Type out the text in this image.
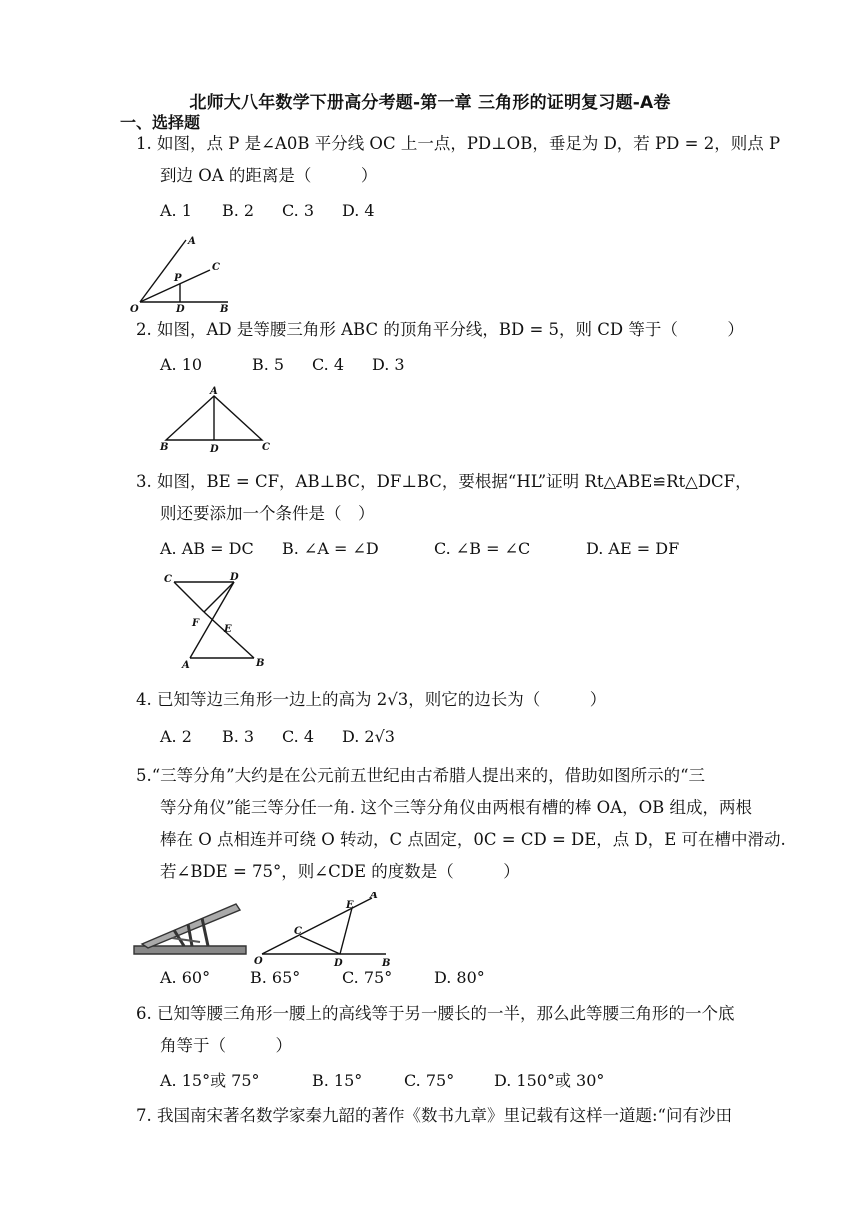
北师大八年数学下册高分考题-第一章 三角形的证明复习题-A卷
一、选择题
1. 如图，点 P 是∠A0B 平分线 OC 上一点，PD⊥OB，垂足为 D，若 PD = 2，则点 P
到边 OA 的距离是（　　　）
A. 1 B. 2 C. 3 D. 4
A
C
P
O	D	B
2. 如图，AD 是等腰三角形 ABC 的顶角平分线，BD = 5，则 CD 等于（　　　）
A. 10	B. 5 C. 4 D. 3
A
B	D	C
3. 如图，BE = CF，AB⊥BC，DF⊥BC，要根据“HL”证明 Rt△ABE≌Rt△DCF，
则还要添加一个条件是（　）
A. AB = DC B. ∠A = ∠D	C. ∠B = ∠C	D. AE = DF
C	D
F
E
A	B
4. 已知等边三角形一边上的高为 2√3，则它的边长为（　　　）
A. 2 B. 3 C. 4 D. 2√3
5.“三等分角”大约是在公元前五世纪由古希腊人提出来的，借助如图所示的“三
等分角仪”能三等分任一角. 这个三等分角仪由两根有槽的棒 OA，OB 组成，两根
棒在 O 点相连并可绕 O 转动，C 点固定，0C = CD = DE，点 D，E 可在槽中滑动.
若∠BDE = 75°，则∠CDE 的度数是（　　　）
E
A
C
O	D	B
A. 60° B. 65°	C. 75°	D. 80°
6. 已知等腰三角形一腰上的高线等于另一腰长的一半，那么此等腰三角形的一个底
角等于（　　　）
A. 15°或 75°	B. 15°	C. 75° D. 150°或 30°
7. 我国南宋著名数学家秦九韶的著作《数书九章》里记载有这样一道题:“问有沙田
